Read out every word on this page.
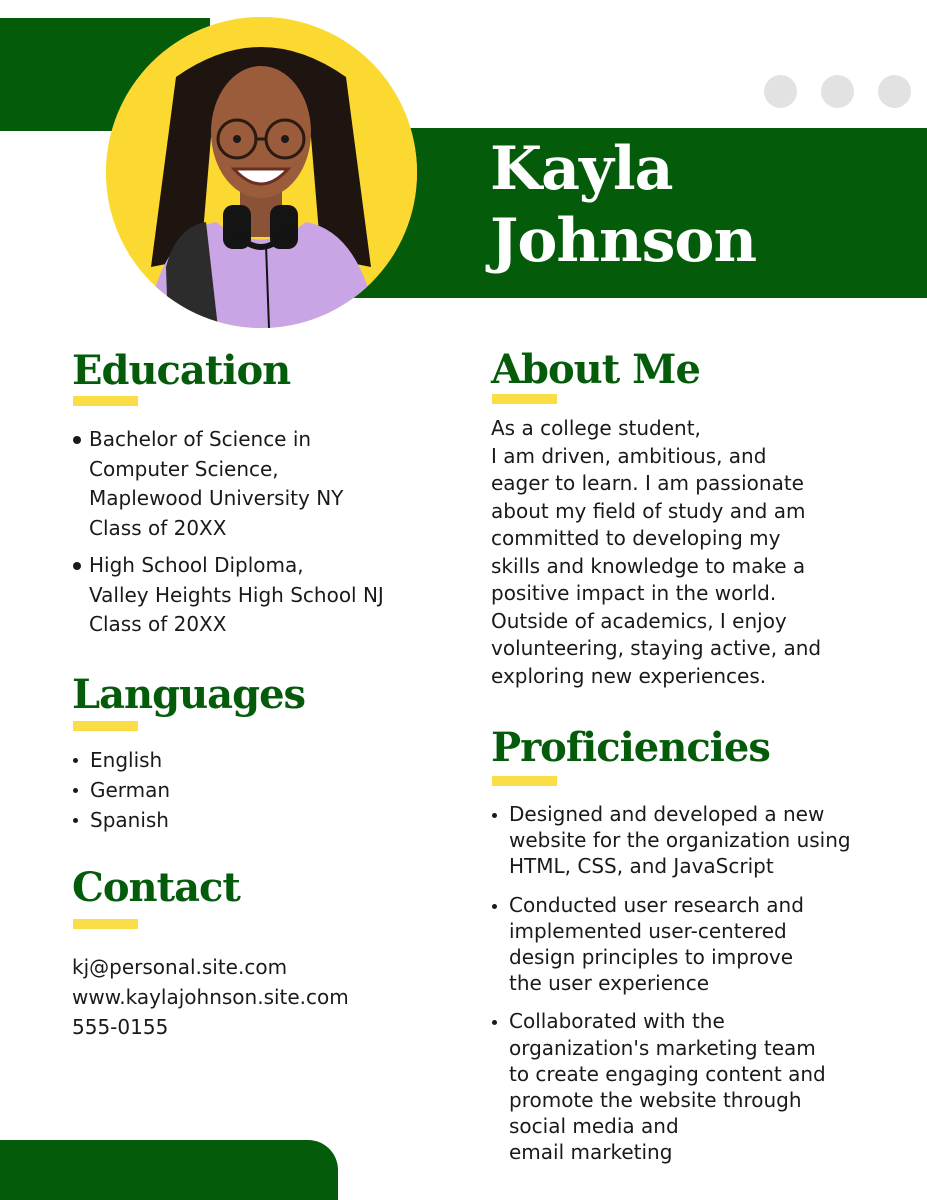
Kayla
Johnson
Education
Bachelor of Science in
Computer Science,
Maplewood University NY
Class of 20XX
High School Diploma,
Valley Heights High School NJ
Class of 20XX
Languages
English
German
Spanish
Contact
kj@personal.site.com
www.kaylajohnson.site.com
555-0155
About Me
As a college student,
I am driven, ambitious, and
eager to learn. I am passionate
about my field of study and am
committed to developing my
skills and knowledge to make a
positive impact in the world.
Outside of academics, I enjoy
volunteering, staying active, and
exploring new experiences.
Proficiencies
Designed and developed a new
website for the organization using
HTML, CSS, and JavaScript
Conducted user research and
implemented user-centered
design principles to improve
the user experience
Collaborated with the
organization's marketing team
to create engaging content and
promote the website through
social media and
email marketing
